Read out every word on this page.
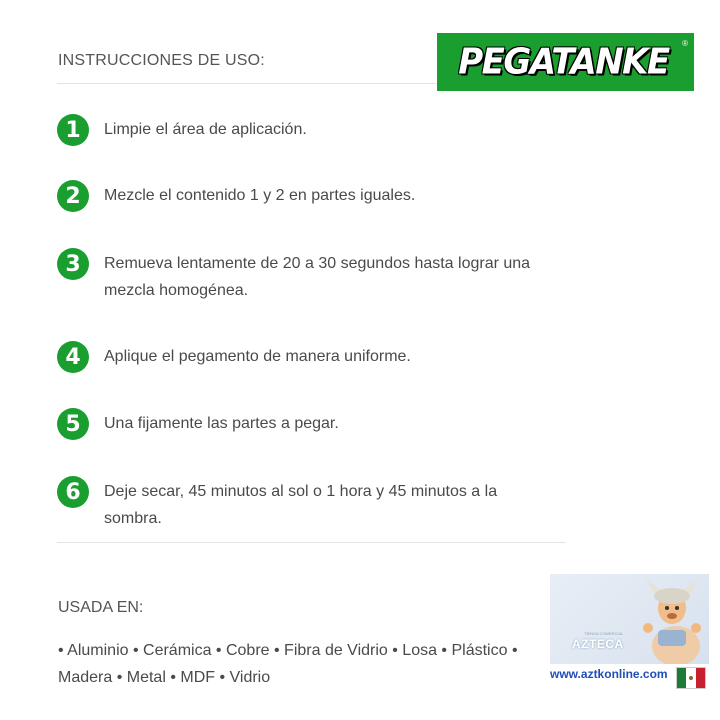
INSTRUCCIONES DE USO:	PEGATANKE ®
1	Limpie el área de aplicación.
2	Mezcle el contenido 1 y 2 en partes iguales.
3	Remueva lentamente de 20 a 30 segundos hasta lograr una mezcla homogénea.
4	Aplique el pegamento de manera uniforme.
5	Una fijamente las partes a pegar.
6	Deje secar, 45 minutos al sol o 1 hora y 45 minutos a la sombra.
USADA EN:
• Aluminio • Cerámica • Cobre • Fibra de Vidrio • Losa • Plástico • Madera • Metal • MDF • Vidrio
TIENDA COMERCIAL
AZTECA
www.aztkonline.com
